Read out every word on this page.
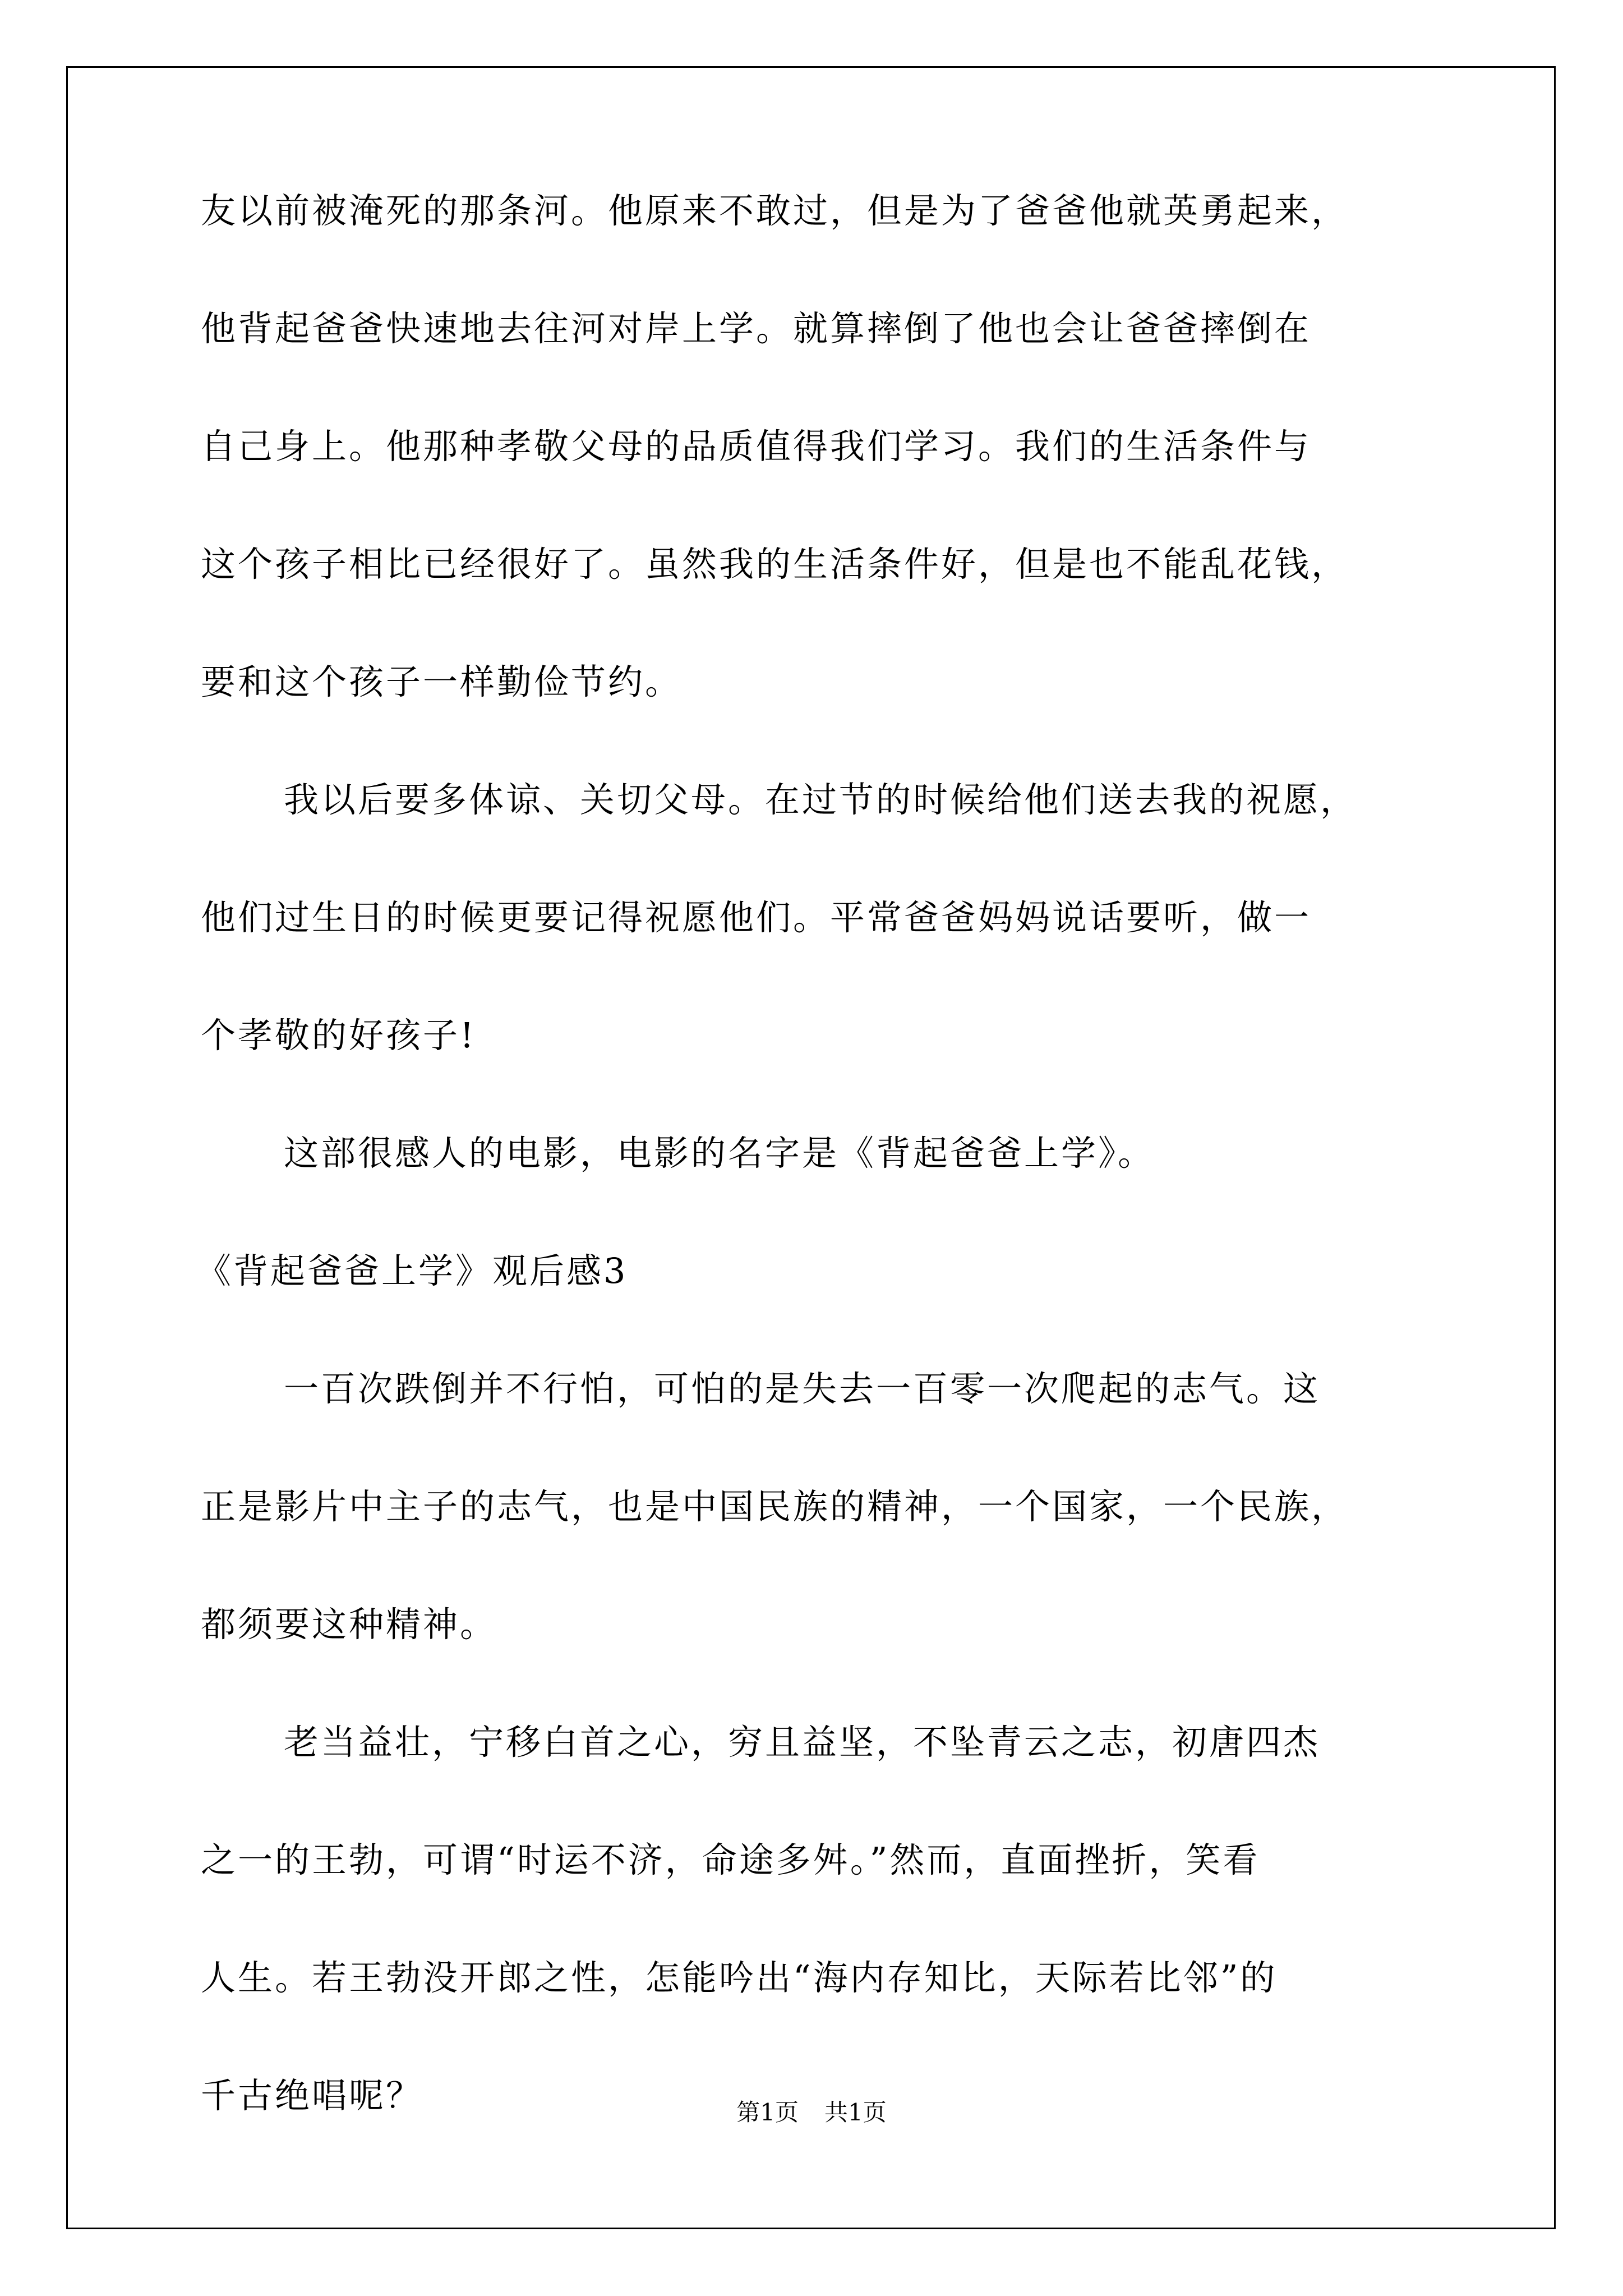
友以前被淹死的那条河。他原来不敢过，但是为了爸爸他就英勇起来，
他背起爸爸快速地去往河对岸上学。就算摔倒了他也会让爸爸摔倒在
自己身上。他那种孝敬父母的品质值得我们学习。我们的生活条件与
这个孩子相比已经很好了。虽然我的生活条件好，但是也不能乱花钱，
要和这个孩子一样勤俭节约。
我以后要多体谅、关切父母。在过节的时候给他们送去我的祝愿，
他们过生日的时候更要记得祝愿他们。平常爸爸妈妈说话要听，做一
个孝敬的好孩子!
这部很感人的电影，电影的名字是《背起爸爸上学》。
《背起爸爸上学》观后感3
一百次跌倒并不行怕，可怕的是失去一百零一次爬起的志气。这
正是影片中主子的志气，也是中国民族的精神，一个国家，一个民族，
都须要这种精神。
老当益壮，宁移白首之心，穷且益坚，不坠青云之志，初唐四杰
之一的王勃，可谓“时运不济，命途多舛。”然而，直面挫折，笑看
人生。若王勃没开郎之性，怎能吟出“海内存知比，天际若比邻”的
千古绝唱呢？	第1页 共1页
